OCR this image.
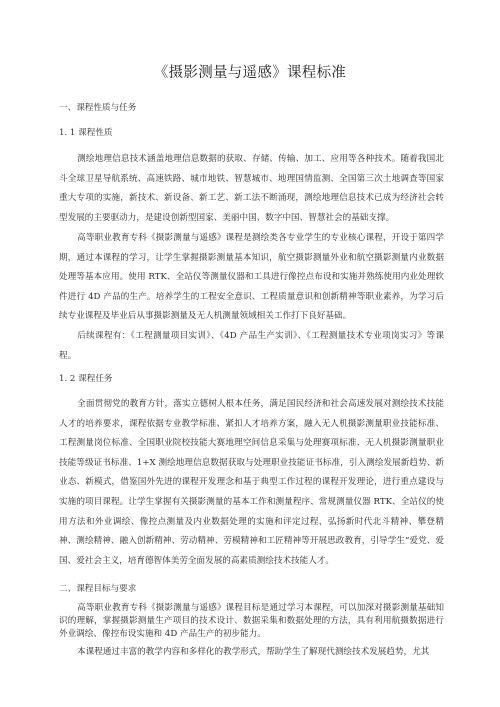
《摄影测量与遥感》课程标准
一、课程性质与任务
1. 1 课程性质
测绘地理信息技术涵盖地理信息数据的获取、存储、传输、加工、应用等各种技术。随着我国北斗全球卫星导航系统、高速铁路、城市地铁、智慧城市、地理国情监测、全国第三次土地调查等国家重大专项的实施，新技术、新设备、新工艺、新工法不断涌现，测绘地理信息技术已成为经济社会转型发展的主要驱动力，是建设创新型国家、美丽中国、数字中国、智慧社会的基础支撑。
高等职业教育专科《摄影测量与遥感》课程是测绘类各专业学生的专业核心课程，开设于第四学期，通过本课程的学习，让学生掌握摄影测量基本知识，航空摄影测量外业和航空摄影测量内业数据处理等基本应用。使用 RTK、全站仪等测量仪器和工具进行像控点布设和实施并熟练使用内业处理软件进行 4D 产品的生产。培养学生的工程安全意识、工程质量意识和创新精神等职业素养，为学习后续专业课程及毕业后从事摄影测量及无人机测量领域相关工作打下良好基础。
后续课程有：《工程测量项目实训》、《4D 产品生产实训》、《工程测量技术专业项岗实习》等课程。
1. 2 课程任务
全面贯彻党的教育方针，落实立德树人根本任务，满足国民经济和社会高速发展对测绘技术技能人才的培养要求，课程依据专业教学标准、紧扣人才培养方案，融入无人机摄影测量职业技能标准、工程测量岗位标准、全国职业院校技能大赛地理空间信息采集与处理赛项标准、无人机摄影测量职业技能等级证书标准、1+X 测绘地理信息数据获取与处理职业技能证书标准，引入测绘发展新趋势、新业态、新模式，借鉴国外先进的课程开发理念和基于典型工作过程的课程开发理论，进行重点建设与实施的项目课程。让学生掌握有关摄影测量的基本工作和测量程序、常规测量仪器 RTK、全站仪的使用方法和外业调绘、像控点测量及内业数据处理的实施和评定过程，弘扬新时代北斗精神、攀登精神、测绘精神、融入创新精神、劳动精神、劳模精神和工匠精神等开展思政教育，引导学生“爱党、爱国、爱社会主义，培育德智体美劳全面发展的高素质测绘技术技能人才。
二、课程目标与要求
高等职业教育专科《摄影测量与遥感》课程目标是通过学习本课程，可以加深对摄影测量基础知识的理解，掌握摄影测量生产项目的技术设计、数据采集和数据处理的方法，具有利用航摄数据进行外业调绘、像控布设实施和 4D 产品生产的初步能力。
本课程通过丰富的教学内容和多样化的教学形式，帮助学生了解现代测绘技术发展趋势，尤其
